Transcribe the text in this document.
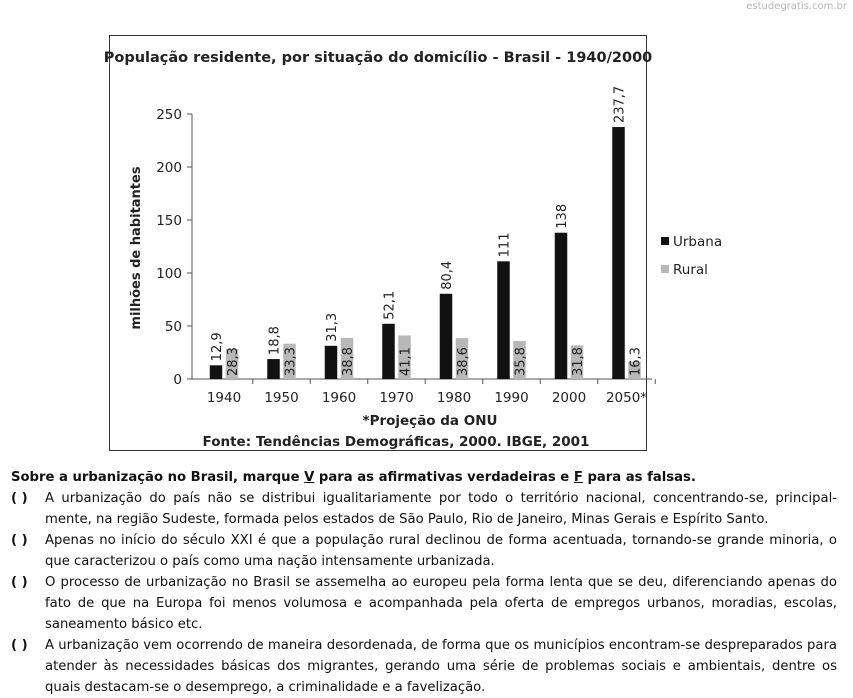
estudegratis.com.br
População residente, por situação do domicílio - Brasil - 1940/2000
milhões de habitantes
0
50
100
150
200
250
1940
12,9
28,3
1950
18,8
33,3
1960
31,3
38,8
1970
52,1
41,1
1980
80,4
38,6
1990
111
35,8
2000
138
31,8
2050*
237,7
16,3
Urbana
Rural
*Projeção da ONU
Fonte: Tendências Demográficas, 2000. IBGE, 2001
Sobre a urbanização no Brasil, marque V para as afirmativas verdadeiras e F para as falsas.
( ) A urbanização do país não se distribui igualitariamente por todo o território nacional, concentrando-se, principal-mente, na região Sudeste, formada pelos estados de São Paulo, Rio de Janeiro, Minas Gerais e Espírito Santo.
( ) Apenas no início do século XXI é que a população rural declinou de forma acentuada, tornando-se grande minoria, o que caracterizou o país como uma nação intensamente urbanizada.
( ) O processo de urbanização no Brasil se assemelha ao europeu pela forma lenta que se deu, diferenciando apenas do fato de que na Europa foi menos volumosa e acompanhada pela oferta de empregos urbanos, moradias, escolas, saneamento básico etc.
( ) A urbanização vem ocorrendo de maneira desordenada, de forma que os municípios encontram-se despreparados para atender às necessidades básicas dos migrantes, gerando uma série de problemas sociais e ambientais, dentre os quais destacam-se o desemprego, a criminalidade e a favelização.
